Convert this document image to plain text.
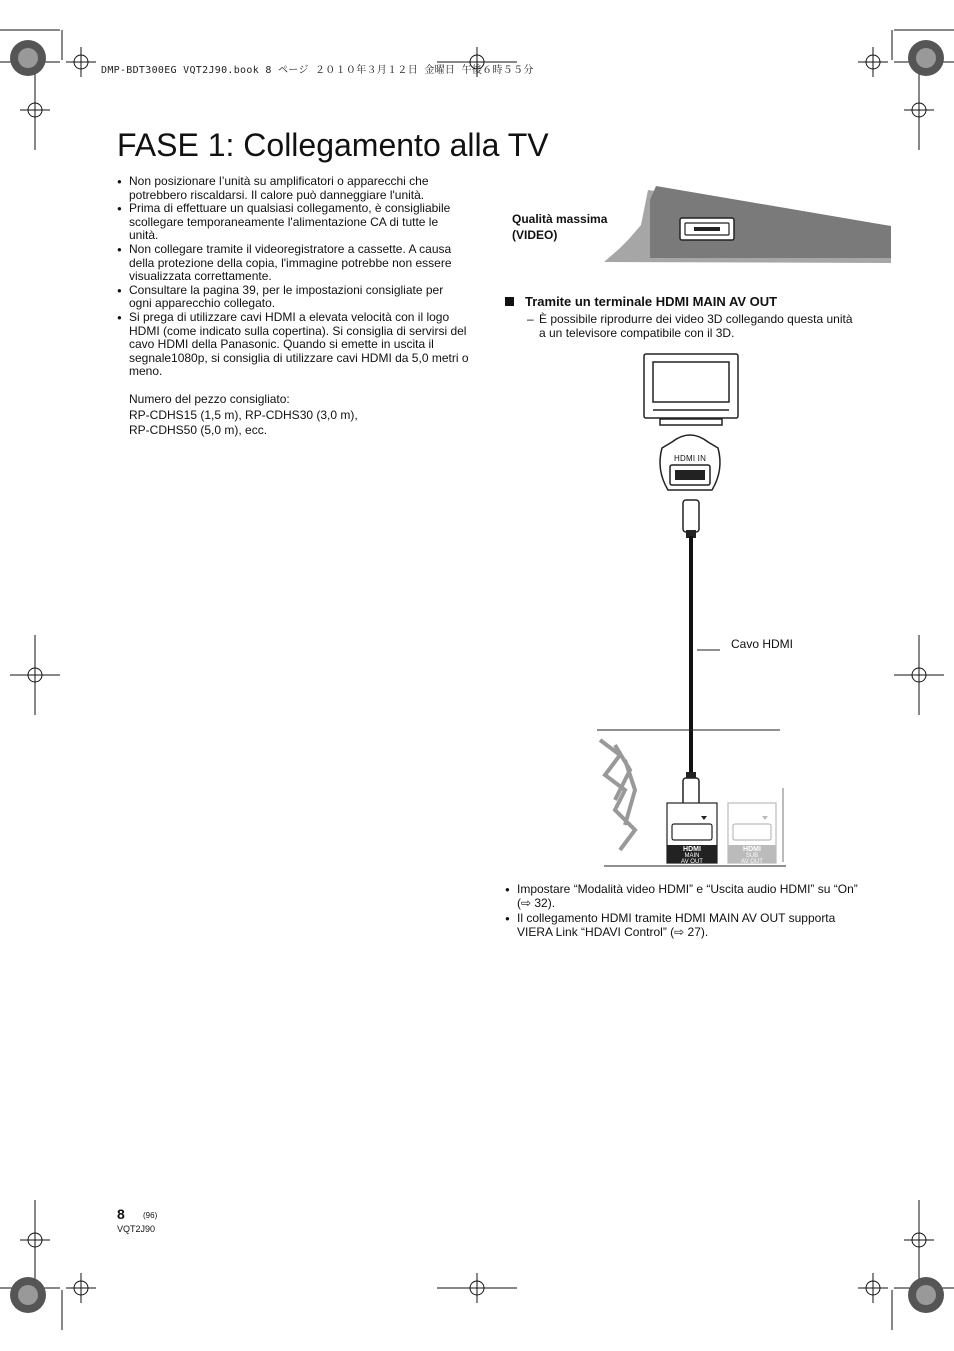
DMP-BDT300EG VQT2J90.book 8 ページ ２０１０年３月１２日 金曜日 午後６時５５分
FASE 1: Collegamento alla TV
● Non posizionare l’unità su amplificatori o apparecchi che potrebbero riscaldarsi. Il calore può danneggiare l'unità.
● Prima di effettuare un qualsiasi collegamento, è consigliabile scollegare temporaneamente l'alimentazione CA di tutte le unità.
● Non collegare tramite il videoregistratore a cassette. A causa della protezione della copia, l'immagine potrebbe non essere visualizzata correttamente.
● Consultare la pagina 39, per le impostazioni consigliate per ogni apparecchio collegato.
● Si prega di utilizzare cavi HDMI a elevata velocità con il logo HDMI (come indicato sulla copertina). Si consiglia di servirsi del cavo HDMI della Panasonic. Quando si emette in uscita il segnale1080p, si consiglia di utilizzare cavi HDMI da 5,0 metri o meno.
Numero del pezzo consigliato:
RP-CDHS15 (1,5 m), RP-CDHS30 (3,0 m),
RP-CDHS50 (5,0 m), ecc.
Qualità massima
(VIDEO)
Tramite un terminale HDMI MAIN AV OUT
– È possibile riprodurre dei video 3D collegando questa unità a un televisore compatibile con il 3D.
HDMI IN
Cavo HDMI
HDMI
MAIN
AV OUT
HDMI
SUB
AV OUT
● Impostare “Modalità video HDMI” e “Uscita audio HDMI” su “On” (⇨ 32).
● Il collegamento HDMI tramite HDMI MAIN AV OUT supporta VIERA Link “HDAVI Control” (⇨ 27).
8 (96)
VQT2J90
